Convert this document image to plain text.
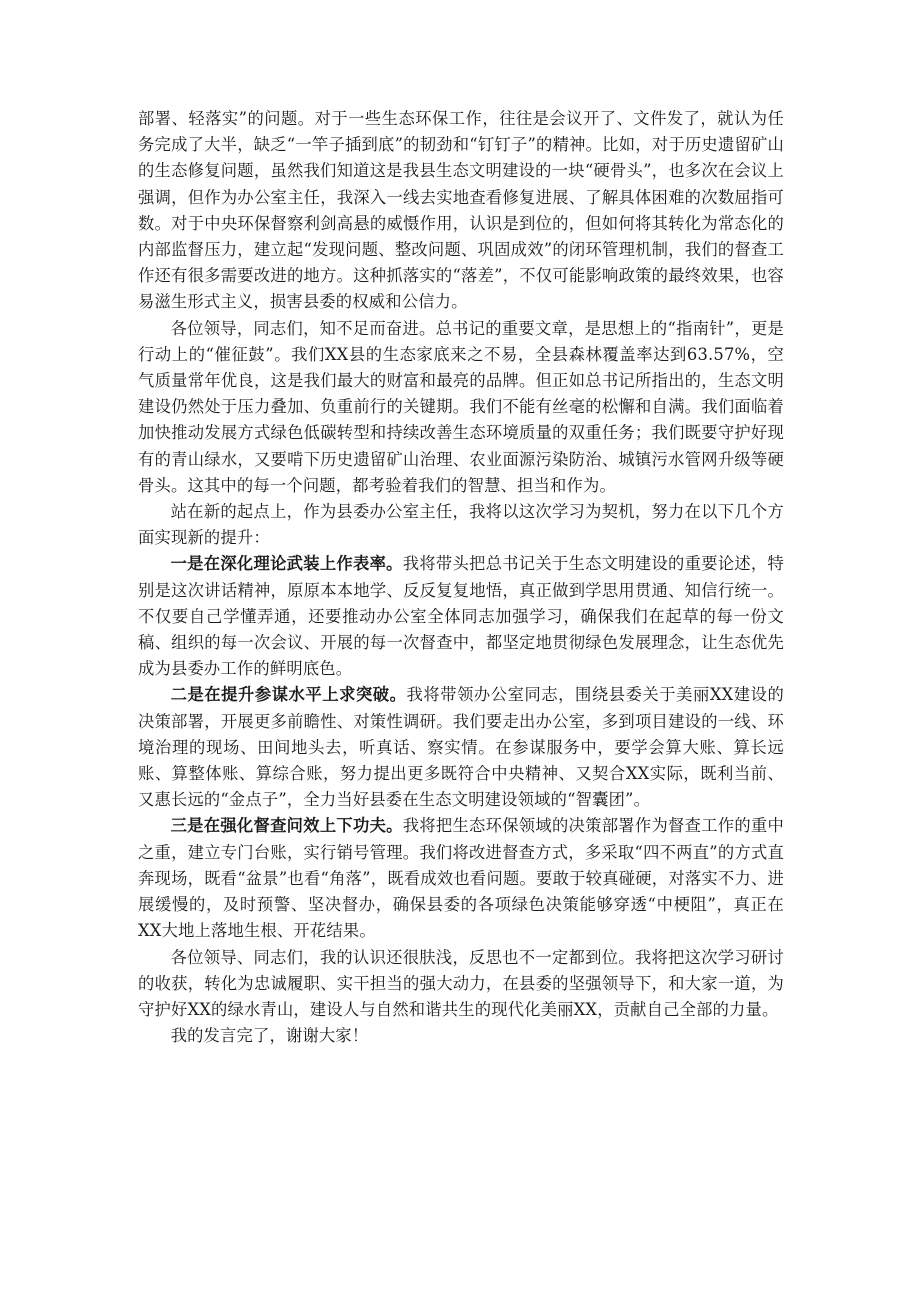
部署、轻落实”的问题。对于一些生态环保工作，往往是会议开了、文件发了，就认为任务完成了大半，缺乏“一竿子插到底”的韧劲和“钉钉子”的精神。比如，对于历史遗留矿山的生态修复问题，虽然我们知道这是我县生态文明建设的一块“硬骨头”，也多次在会议上强调，但作为办公室主任，我深入一线去实地查看修复进展、了解具体困难的次数屈指可数。对于中央环保督察利剑高悬的威慑作用，认识是到位的，但如何将其转化为常态化的内部监督压力，建立起“发现问题、整改问题、巩固成效”的闭环管理机制，我们的督查工作还有很多需要改进的地方。这种抓落实的“落差”，不仅可能影响政策的最终效果，也容易滋生形式主义，损害县委的权威和公信力。

各位领导，同志们，知不足而奋进。总书记的重要文章，是思想上的“指南针”，更是行动上的“催征鼓”。我们XX县的生态家底来之不易，全县森林覆盖率达到63.57%，空气质量常年优良，这是我们最大的财富和最亮的品牌。但正如总书记所指出的，生态文明建设仍然处于压力叠加、负重前行的关键期。我们不能有丝毫的松懈和自满。我们面临着加快推动发展方式绿色低碳转型和持续改善生态环境质量的双重任务；我们既要守护好现有的青山绿水，又要啃下历史遗留矿山治理、农业面源污染防治、城镇污水管网升级等硬骨头。这其中的每一个问题，都考验着我们的智慧、担当和作为。

站在新的起点上，作为县委办公室主任，我将以这次学习为契机，努力在以下几个方面实现新的提升：

一是在深化理论武装上作表率。我将带头把总书记关于生态文明建设的重要论述，特别是这次讲话精神，原原本本地学、反反复复地悟，真正做到学思用贯通、知信行统一。不仅要自己学懂弄通，还要推动办公室全体同志加强学习，确保我们在起草的每一份文稿、组织的每一次会议、开展的每一次督查中，都坚定地贯彻绿色发展理念，让生态优先成为县委办工作的鲜明底色。

二是在提升参谋水平上求突破。我将带领办公室同志，围绕县委关于美丽XX建设的决策部署，开展更多前瞻性、对策性调研。我们要走出办公室，多到项目建设的一线、环境治理的现场、田间地头去，听真话、察实情。在参谋服务中，要学会算大账、算长远账、算整体账、算综合账，努力提出更多既符合中央精神、又契合XX实际，既利当前、又惠长远的“金点子”，全力当好县委在生态文明建设领域的“智囊团”。

三是在强化督查问效上下功夫。我将把生态环保领域的决策部署作为督查工作的重中之重，建立专门台账，实行销号管理。我们将改进督查方式，多采取“四不两直”的方式直奔现场，既看“盆景”也看“角落”，既看成效也看问题。要敢于较真碰硬，对落实不力、进展缓慢的，及时预警、坚决督办，确保县委的各项绿色决策能够穿透“中梗阻”，真正在XX大地上落地生根、开花结果。

各位领导、同志们，我的认识还很肤浅，反思也不一定都到位。我将把这次学习研讨的收获，转化为忠诚履职、实干担当的强大动力，在县委的坚强领导下，和大家一道，为守护好XX的绿水青山，建设人与自然和谐共生的现代化美丽XX，贡献自己全部的力量。

我的发言完了，谢谢大家！
